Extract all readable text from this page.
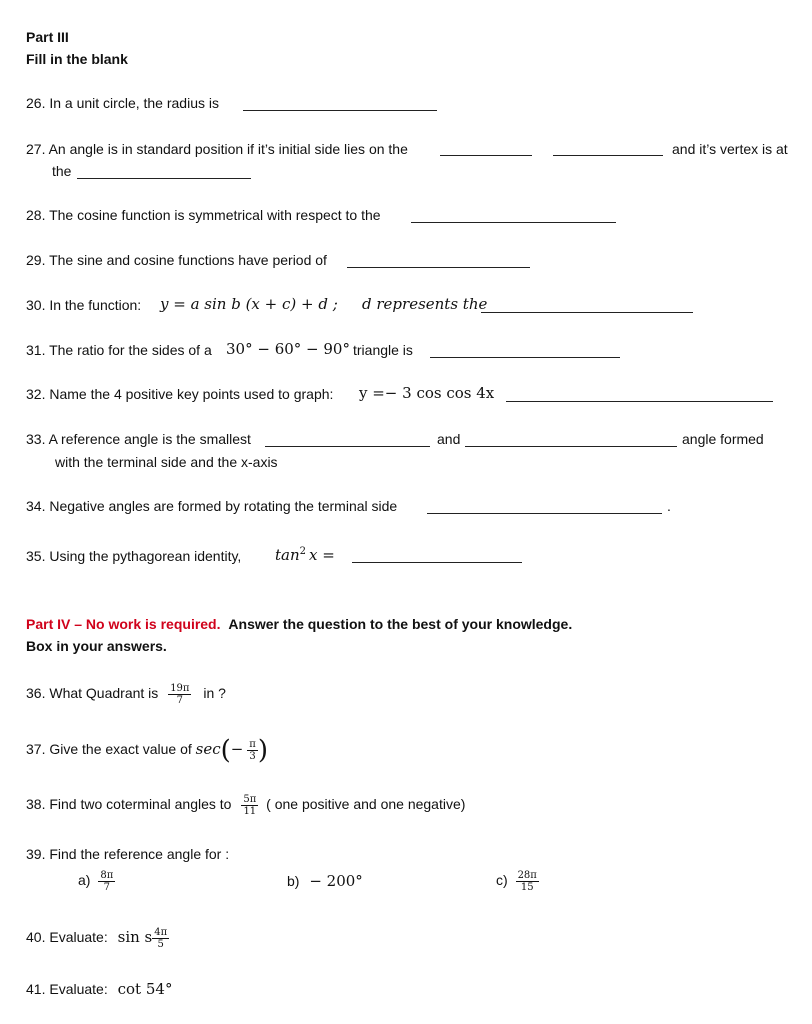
Part III
Fill in the blank
26. In a unit circle, the radius is
27. An angle is in standard position if it’s initial side lies on the	and it’s vertex is at
the
28. The cosine function is symmetrical with respect to the
29. The sine and cosine functions have period of
30. In the function: y = a sin b (x + c) + d ; d represents the
31. The ratio for the sides of a 30° − 60° − 90° triangle is
32. Name the 4 positive key points used to graph: y =− 3 cos cos 4x
33. A reference angle is the smallest	and	angle formed
with the terminal side and the x-axis
34. Negative angles are formed by rotating the terminal side	.
35. Using the pythagorean identity, $\tan^2 x$ =
Part IV – No work is required. Answer the question to the best of your knowledge.
Box in your answers.
36. What Quadrant is $\frac{19\pi}{7}$ in ?
37. Give the exact value of $\sec(- \frac{\pi}{3}$ )
38. Find two coterminal angles to $\frac{5\pi}{11}$ ( one positive and one negative)
39. Find the reference angle for :
$a) \frac{8\pi}{7}$	b) − 200°	$c) \frac{28\pi}{15}$
40. Evaluate: sin s $\frac{4\pi}{5}$
41. Evaluate: cot 54°
